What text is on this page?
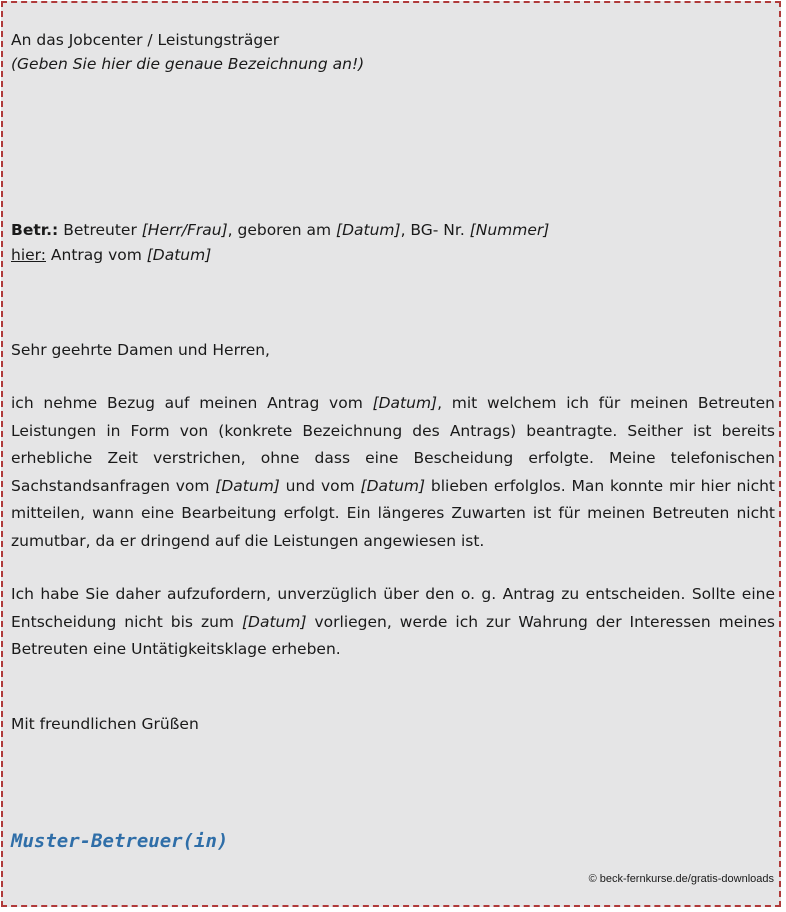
An das Jobcenter / Leistungsträger
(Geben Sie hier die genaue Bezeichnung an!)
Betr.: Betreuter [Herr/Frau], geboren am [Datum], BG- Nr. [Nummer]
hier: Antrag vom [Datum]
Sehr geehrte Damen und Herren,
ich nehme Bezug auf meinen Antrag vom [Datum], mit welchem ich für meinen Betreuten Leistungen in Form von (konkrete Bezeichnung des Antrags) beantragte. Seither ist bereits erhebliche Zeit verstrichen, ohne dass eine Bescheidung erfolgte. Meine telefonischen Sachstandsanfragen vom [Datum] und vom [Datum] blieben erfolglos. Man konnte mir hier nicht mitteilen, wann eine Bearbeitung erfolgt. Ein längeres Zuwarten ist für meinen Betreuten nicht zumutbar, da er dringend auf die Leistungen angewiesen ist.
Ich habe Sie daher aufzufordern, unverzüglich über den o. g. Antrag zu entscheiden. Sollte eine Entscheidung nicht bis zum [Datum] vorliegen, werde ich zur Wahrung der Interessen meines Betreuten eine Untätigkeitsklage erheben.
Mit freundlichen Grüßen
Muster-Betreuer(in)
© beck-fernkurse.de/gratis-downloads
